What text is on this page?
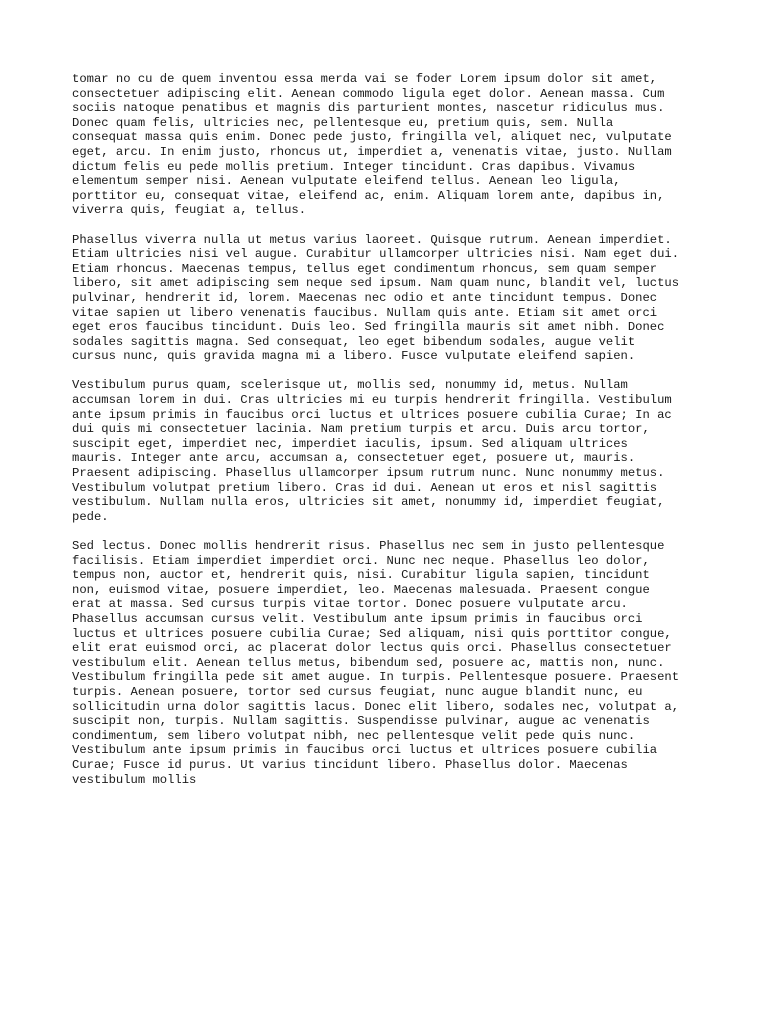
tomar no cu de quem inventou essa merda vai se foder Lorem ipsum dolor sit amet,
consectetuer adipiscing elit. Aenean commodo ligula eget dolor. Aenean massa. Cum
sociis natoque penatibus et magnis dis parturient montes, nascetur ridiculus mus.
Donec quam felis, ultricies nec, pellentesque eu, pretium quis, sem. Nulla
consequat massa quis enim. Donec pede justo, fringilla vel, aliquet nec, vulputate
eget, arcu. In enim justo, rhoncus ut, imperdiet a, venenatis vitae, justo. Nullam
dictum felis eu pede mollis pretium. Integer tincidunt. Cras dapibus. Vivamus
elementum semper nisi. Aenean vulputate eleifend tellus. Aenean leo ligula,
porttitor eu, consequat vitae, eleifend ac, enim. Aliquam lorem ante, dapibus in,
viverra quis, feugiat a, tellus.

Phasellus viverra nulla ut metus varius laoreet. Quisque rutrum. Aenean imperdiet.
Etiam ultricies nisi vel augue. Curabitur ullamcorper ultricies nisi. Nam eget dui.
Etiam rhoncus. Maecenas tempus, tellus eget condimentum rhoncus, sem quam semper
libero, sit amet adipiscing sem neque sed ipsum. Nam quam nunc, blandit vel, luctus
pulvinar, hendrerit id, lorem. Maecenas nec odio et ante tincidunt tempus. Donec
vitae sapien ut libero venenatis faucibus. Nullam quis ante. Etiam sit amet orci
eget eros faucibus tincidunt. Duis leo. Sed fringilla mauris sit amet nibh. Donec
sodales sagittis magna. Sed consequat, leo eget bibendum sodales, augue velit
cursus nunc, quis gravida magna mi a libero. Fusce vulputate eleifend sapien.

Vestibulum purus quam, scelerisque ut, mollis sed, nonummy id, metus. Nullam
accumsan lorem in dui. Cras ultricies mi eu turpis hendrerit fringilla. Vestibulum
ante ipsum primis in faucibus orci luctus et ultrices posuere cubilia Curae; In ac
dui quis mi consectetuer lacinia. Nam pretium turpis et arcu. Duis arcu tortor,
suscipit eget, imperdiet nec, imperdiet iaculis, ipsum. Sed aliquam ultrices
mauris. Integer ante arcu, accumsan a, consectetuer eget, posuere ut, mauris.
Praesent adipiscing. Phasellus ullamcorper ipsum rutrum nunc. Nunc nonummy metus.
Vestibulum volutpat pretium libero. Cras id dui. Aenean ut eros et nisl sagittis
vestibulum. Nullam nulla eros, ultricies sit amet, nonummy id, imperdiet feugiat,
pede.

Sed lectus. Donec mollis hendrerit risus. Phasellus nec sem in justo pellentesque
facilisis. Etiam imperdiet imperdiet orci. Nunc nec neque. Phasellus leo dolor,
tempus non, auctor et, hendrerit quis, nisi. Curabitur ligula sapien, tincidunt
non, euismod vitae, posuere imperdiet, leo. Maecenas malesuada. Praesent congue
erat at massa. Sed cursus turpis vitae tortor. Donec posuere vulputate arcu.
Phasellus accumsan cursus velit. Vestibulum ante ipsum primis in faucibus orci
luctus et ultrices posuere cubilia Curae; Sed aliquam, nisi quis porttitor congue,
elit erat euismod orci, ac placerat dolor lectus quis orci. Phasellus consectetuer
vestibulum elit. Aenean tellus metus, bibendum sed, posuere ac, mattis non, nunc.
Vestibulum fringilla pede sit amet augue. In turpis. Pellentesque posuere. Praesent
turpis. Aenean posuere, tortor sed cursus feugiat, nunc augue blandit nunc, eu
sollicitudin urna dolor sagittis lacus. Donec elit libero, sodales nec, volutpat a,
suscipit non, turpis. Nullam sagittis. Suspendisse pulvinar, augue ac venenatis
condimentum, sem libero volutpat nibh, nec pellentesque velit pede quis nunc.
Vestibulum ante ipsum primis in faucibus orci luctus et ultrices posuere cubilia
Curae; Fusce id purus. Ut varius tincidunt libero. Phasellus dolor. Maecenas
vestibulum mollis
